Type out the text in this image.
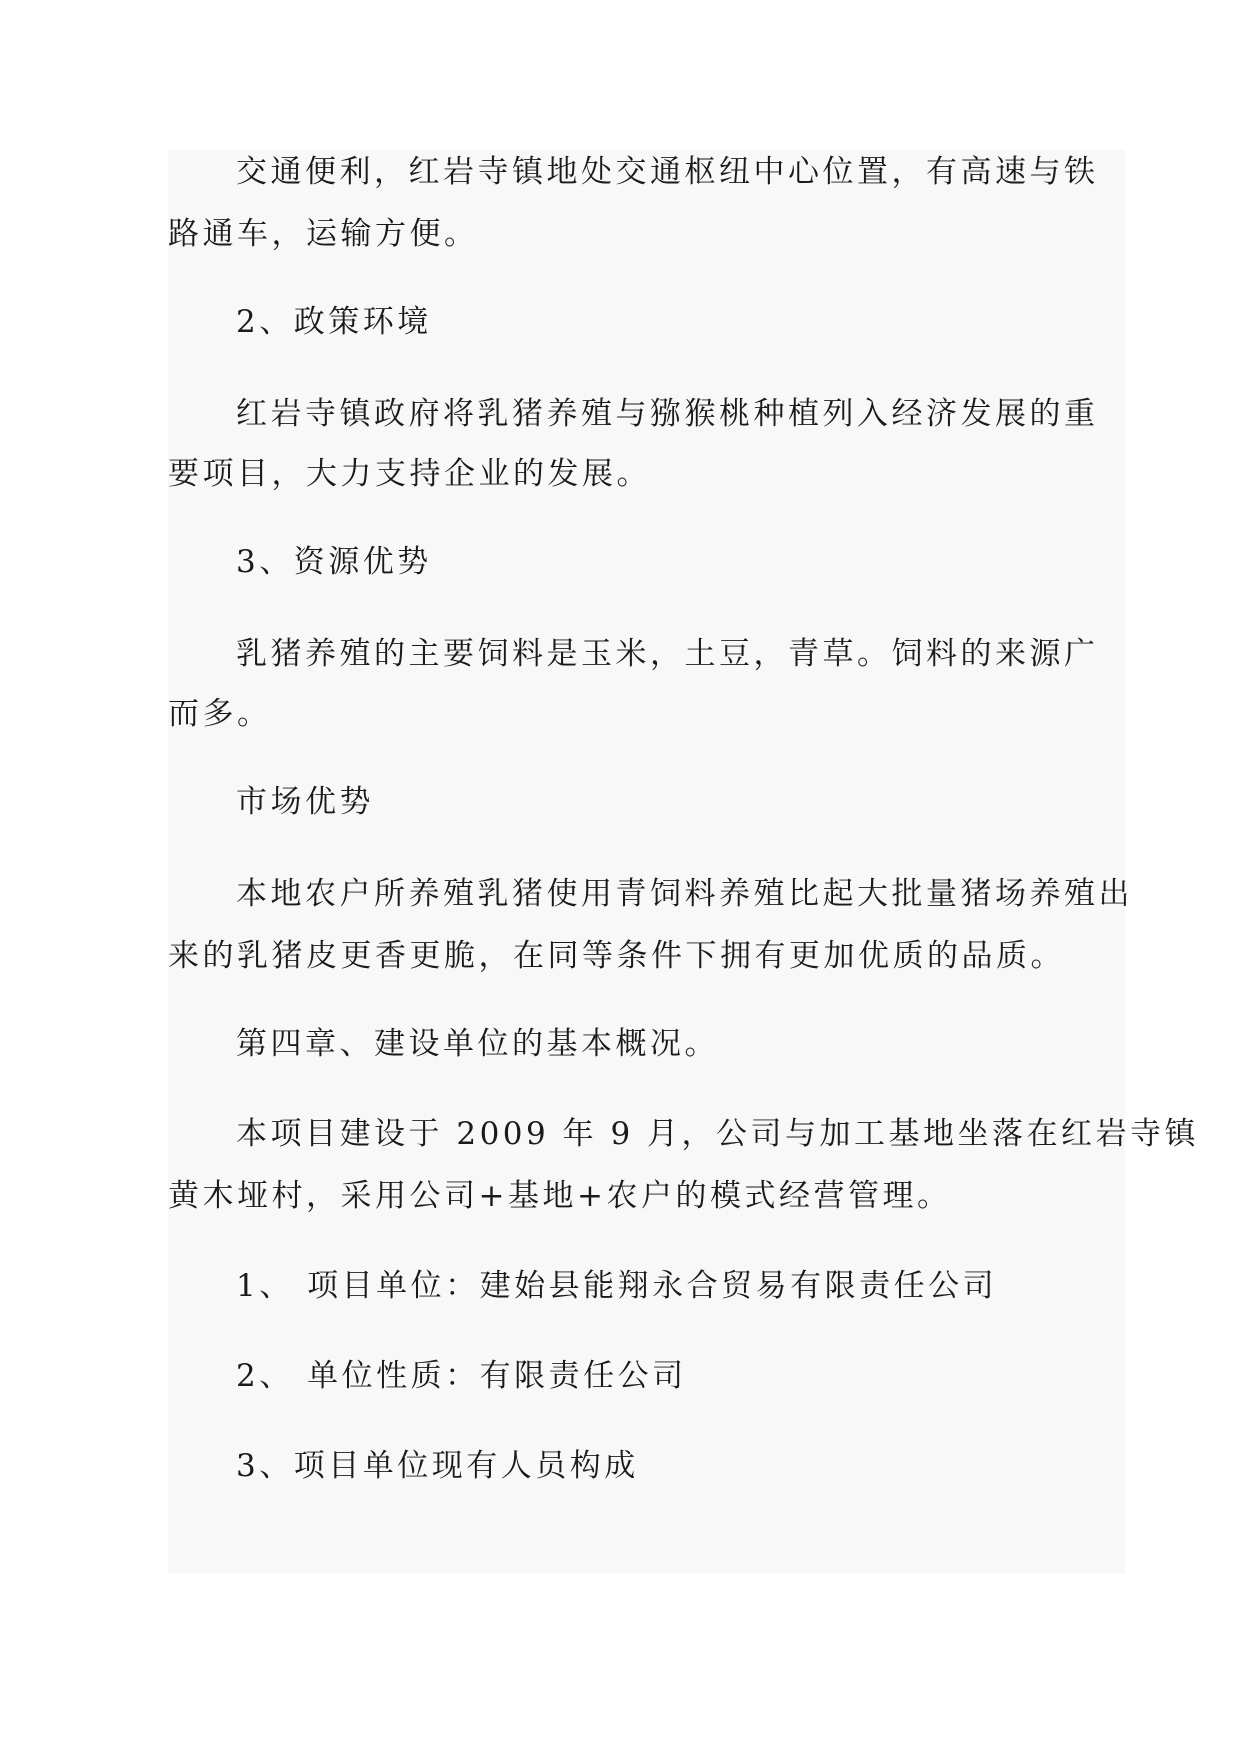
交通便利，红岩寺镇地处交通枢纽中心位置，有高速与铁
路通车，运输方便。
2、政策环境
红岩寺镇政府将乳猪养殖与猕猴桃种植列入经济发展的重
要项目，大力支持企业的发展。
3、资源优势
乳猪养殖的主要饲料是玉米，土豆，青草。饲料的来源广
而多。
市场优势
本地农户所养殖乳猪使用青饲料养殖比起大批量猪场养殖出
来的乳猪皮更香更脆，在同等条件下拥有更加优质的品质。
第四章、建设单位的基本概况。
本项目建设于 2009 年 9 月，公司与加工基地坐落在红岩寺镇
黄木垭村，采用公司+基地+农户的模式经营管理。
1、 项目单位：建始县能翔永合贸易有限责任公司
2、 单位性质：有限责任公司
3、项目单位现有人员构成
